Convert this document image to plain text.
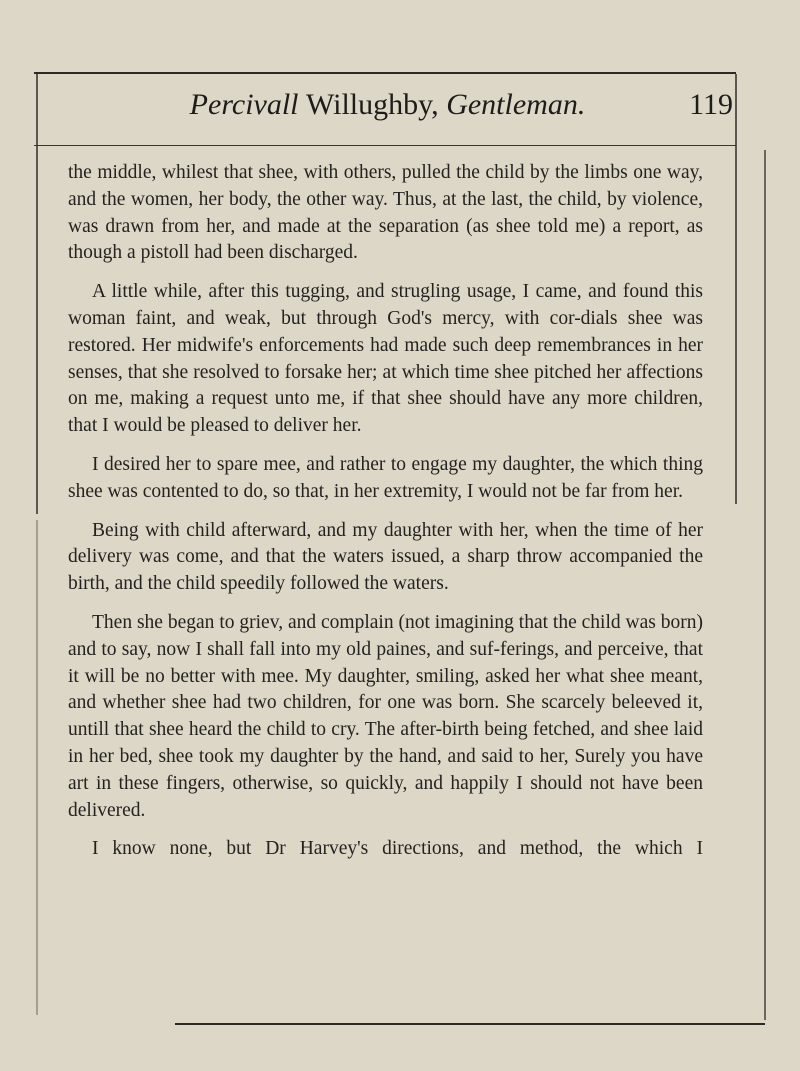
Percivall Willughby, Gentleman.	119

the middle, whilest that shee, with others, pulled the child by the limbs one way, and the women, her body, the other way. Thus, at the last, the child, by violence, was drawn from her, and made at the separation (as shee told me) a report, as though a pistoll had been discharged.

A little while, after this tugging, and strugling usage, I came, and found this woman faint, and weak, but through God's mercy, with cor-dials shee was restored. Her midwife's enforcements had made such deep remembrances in her senses, that she resolved to forsake her; at which time shee pitched her affections on me, making a request unto me, if that shee should have any more children, that I would be pleased to deliver her.

I desired her to spare mee, and rather to engage my daughter, the which thing shee was contented to do, so that, in her extremity, I would not be far from her.

Being with child afterward, and my daughter with her, when the time of her delivery was come, and that the waters issued, a sharp throw accompanied the birth, and the child speedily followed the waters.

Then she began to griev, and complain (not imagining that the child was born) and to say, now I shall fall into my old paines, and suf-ferings, and perceive, that it will be no better with mee. My daughter, smiling, asked her what shee meant, and whether shee had two children, for one was born. She scarcely beleeved it, untill that shee heard the child to cry. The after-birth being fetched, and shee laid in her bed, shee took my daughter by the hand, and said to her, Surely you have art in these fingers, otherwise, so quickly, and happily I should not have been delivered.

I know none, but Dr Harvey's directions, and method, the which I
